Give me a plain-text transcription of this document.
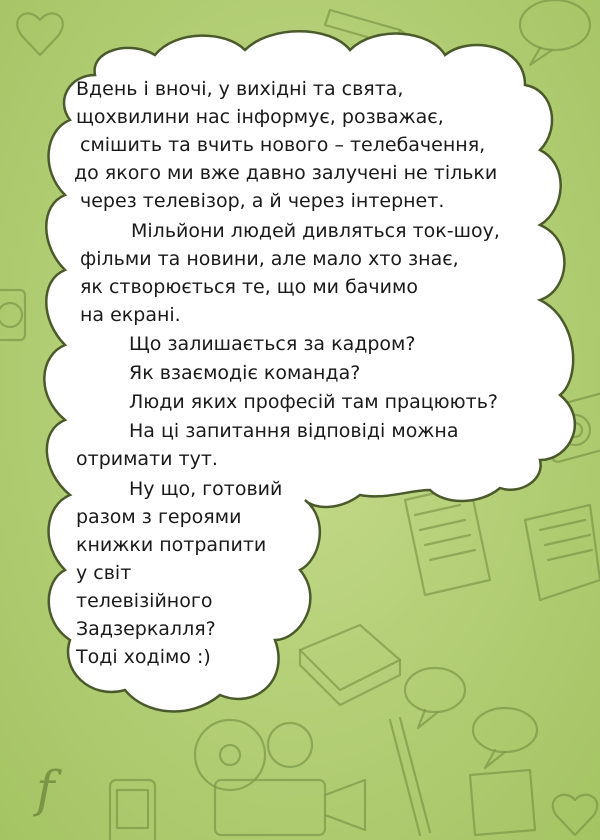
Вдень і вночі, у вихідні та свята,
щохвилини нас інформує, розважає,
смішить та вчить нового – телебачення,
до якого ми вже давно залучені не тільки
через телевізор, а й через інтернет.
Мільйони людей дивляться ток-шоу,
фільми та новини, але мало хто знає,
як створюється те, що ми бачимо
на екрані.
Що залишається за кадром?
Як взаємодіє команда?
Люди яких професій там працюють?
На ці запитання відповіді можна
отримати тут.
Ну що, готовий
разом з героями
книжки потрапити
у світ
телевізійного
Задзеркалля?
Тоді ходімо :)
f
